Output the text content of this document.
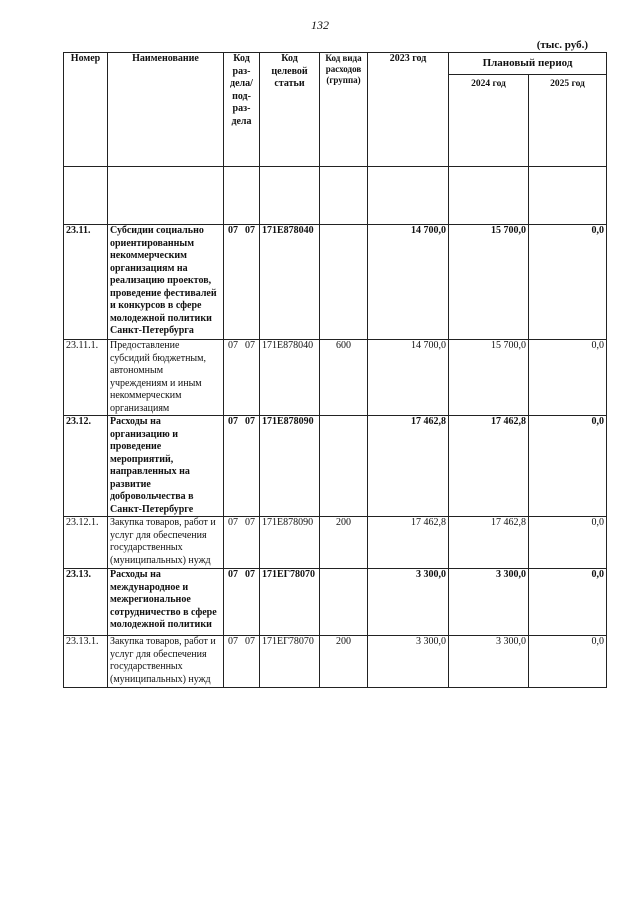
132
(тыс. руб.)
Номер	Наименование	Код раз-дела/ под-раз-дела	Код целевой статьи	Код вида расходов (группа)	2023 год	Плановый период	
						2024 год	2025 год

23.11.	Субсидии социально ориентированным некоммерческим организациям на реализацию проектов, проведение фестивалей и конкурсов в сфере молодежной политики Санкт-Петербурга	07 07	171Е878040		14 700,0	15 700,0	0,0
23.11.1.	Предоставление субсидий бюджетным, автономным учреждениям и иным некоммерческим организациям	07 07	171Е878040	600	14 700,0	15 700,0	0,0
23.12.	Расходы на организацию и проведение мероприятий, направленных на развитие добровольчества в Санкт-Петербурге	07 07	171Е878090		17 462,8	17 462,8	0,0
23.12.1.	Закупка товаров, работ и услуг для обеспечения государственных (муниципальных) нужд	07 07	171Е878090	200	17 462,8	17 462,8	0,0
23.13.	Расходы на международное и межрегиональное сотрудничество в сфере молодежной политики	07 07	171ЕГ78070		3 300,0	3 300,0	0,0
23.13.1.	Закупка товаров, работ и услуг для обеспечения государственных (муниципальных) нужд	07 07	171ЕГ78070	200	3 300,0	3 300,0	0,0
